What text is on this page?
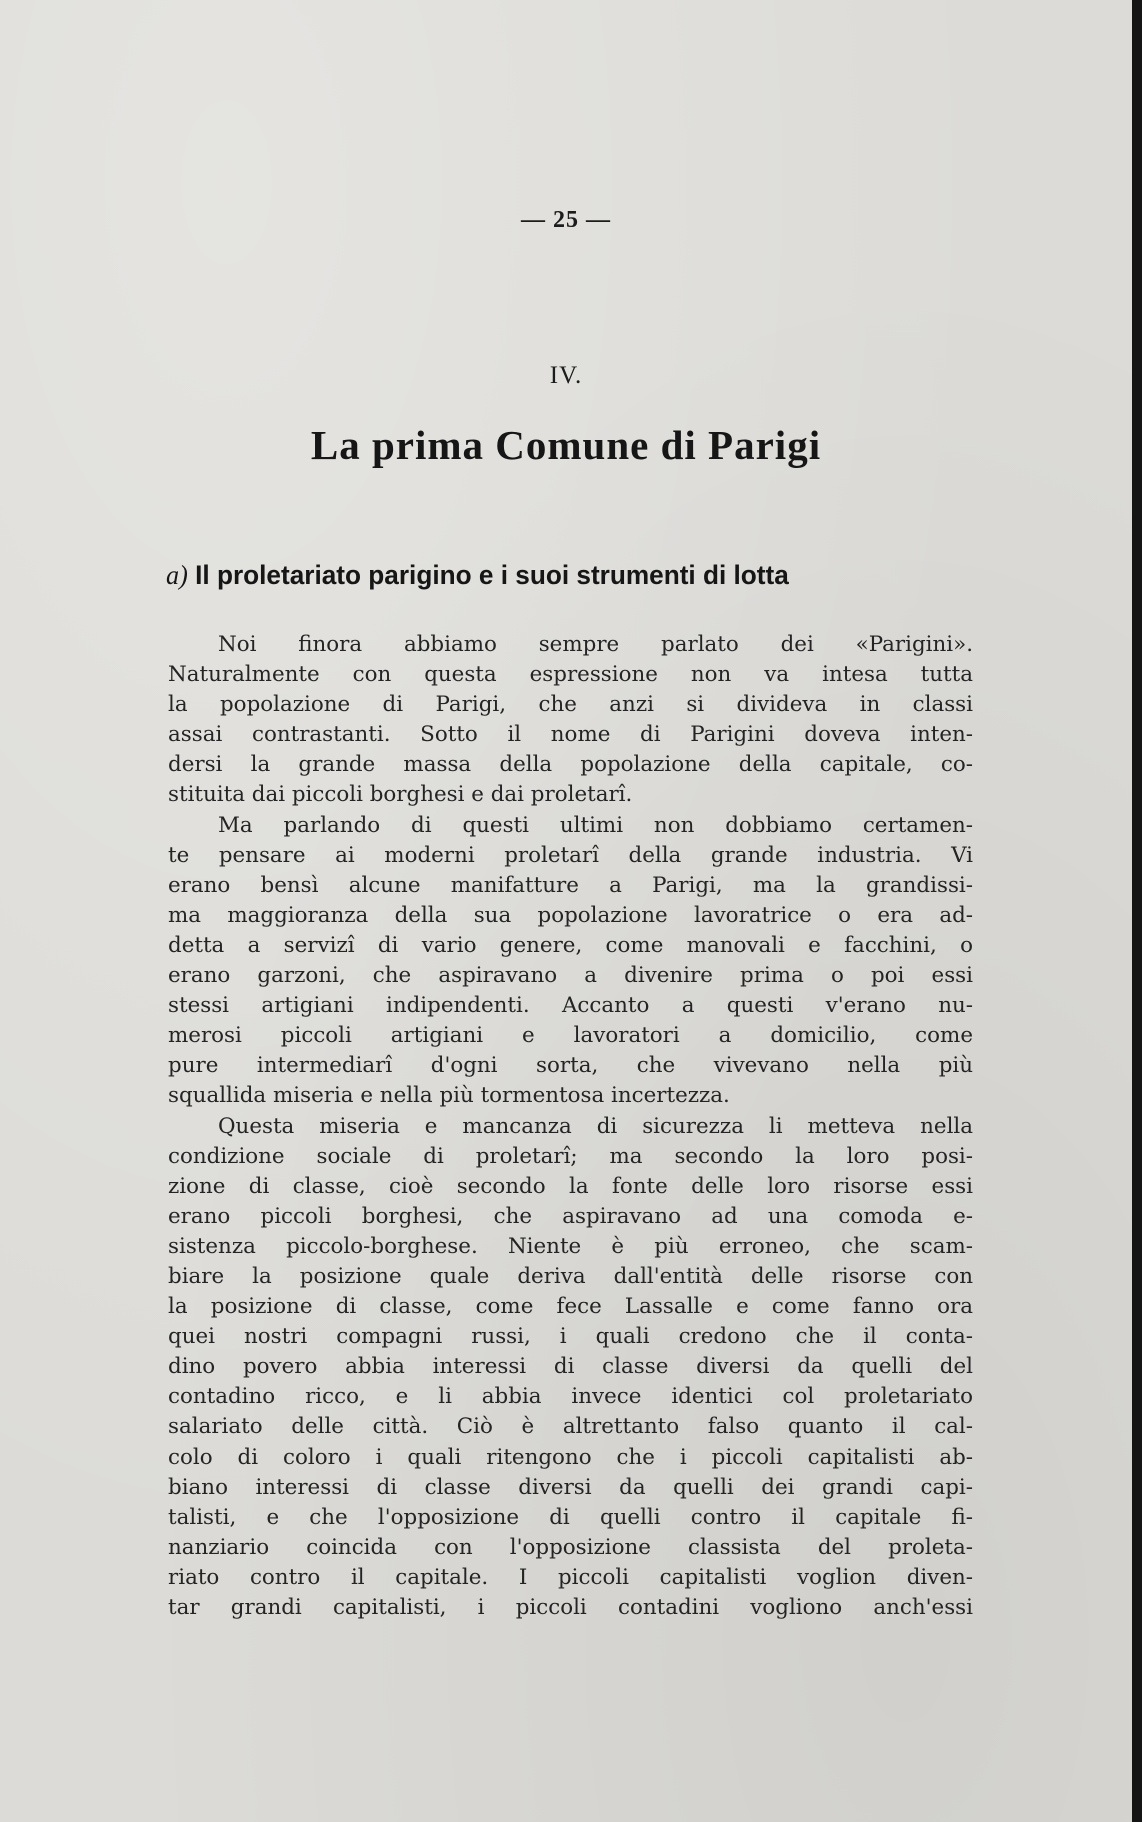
— 25 —
IV.
La prima Comune di Parigi
a) Il proletariato parigino e i suoi strumenti di lotta
Noi finora abbiamo sempre parlato dei «Parigini».
Naturalmente con questa espressione non va intesa tutta
la popolazione di Parigi, che anzi si divideva in classi
assai contrastanti. Sotto il nome di Parigini doveva inten-
dersi la grande massa della popolazione della capitale, co-
stituita dai piccoli borghesi e dai proletarî.
Ma parlando di questi ultimi non dobbiamo certamen-
te pensare ai moderni proletarî della grande industria. Vi
erano bensì alcune manifatture a Parigi, ma la grandissi-
ma maggioranza della sua popolazione lavoratrice o era ad-
detta a servizî di vario genere, come manovali e facchini, o
erano garzoni, che aspiravano a divenire prima o poi essi
stessi artigiani indipendenti. Accanto a questi v'erano nu-
merosi piccoli artigiani e lavoratori a domicilio, come
pure intermediarî d'ogni sorta, che vivevano nella più
squallida miseria e nella più tormentosa incertezza.
Questa miseria e mancanza di sicurezza li metteva nella
condizione sociale di proletarî; ma secondo la loro posi-
zione di classe, cioè secondo la fonte delle loro risorse essi
erano piccoli borghesi, che aspiravano ad una comoda e-
sistenza piccolo-borghese. Niente è più erroneo, che scam-
biare la posizione quale deriva dall'entità delle risorse con
la posizione di classe, come fece Lassalle e come fanno ora
quei nostri compagni russi, i quali credono che il conta-
dino povero abbia interessi di classe diversi da quelli del
contadino ricco, e li abbia invece identici col proletariato
salariato delle città. Ciò è altrettanto falso quanto il cal-
colo di coloro i quali ritengono che i piccoli capitalisti ab-
biano interessi di classe diversi da quelli dei grandi capi-
talisti, e che l'opposizione di quelli contro il capitale fi-
nanziario coincida con l'opposizione classista del proleta-
riato contro il capitale. I piccoli capitalisti voglion diven-
tar grandi capitalisti, i piccoli contadini vogliono anch'essi
